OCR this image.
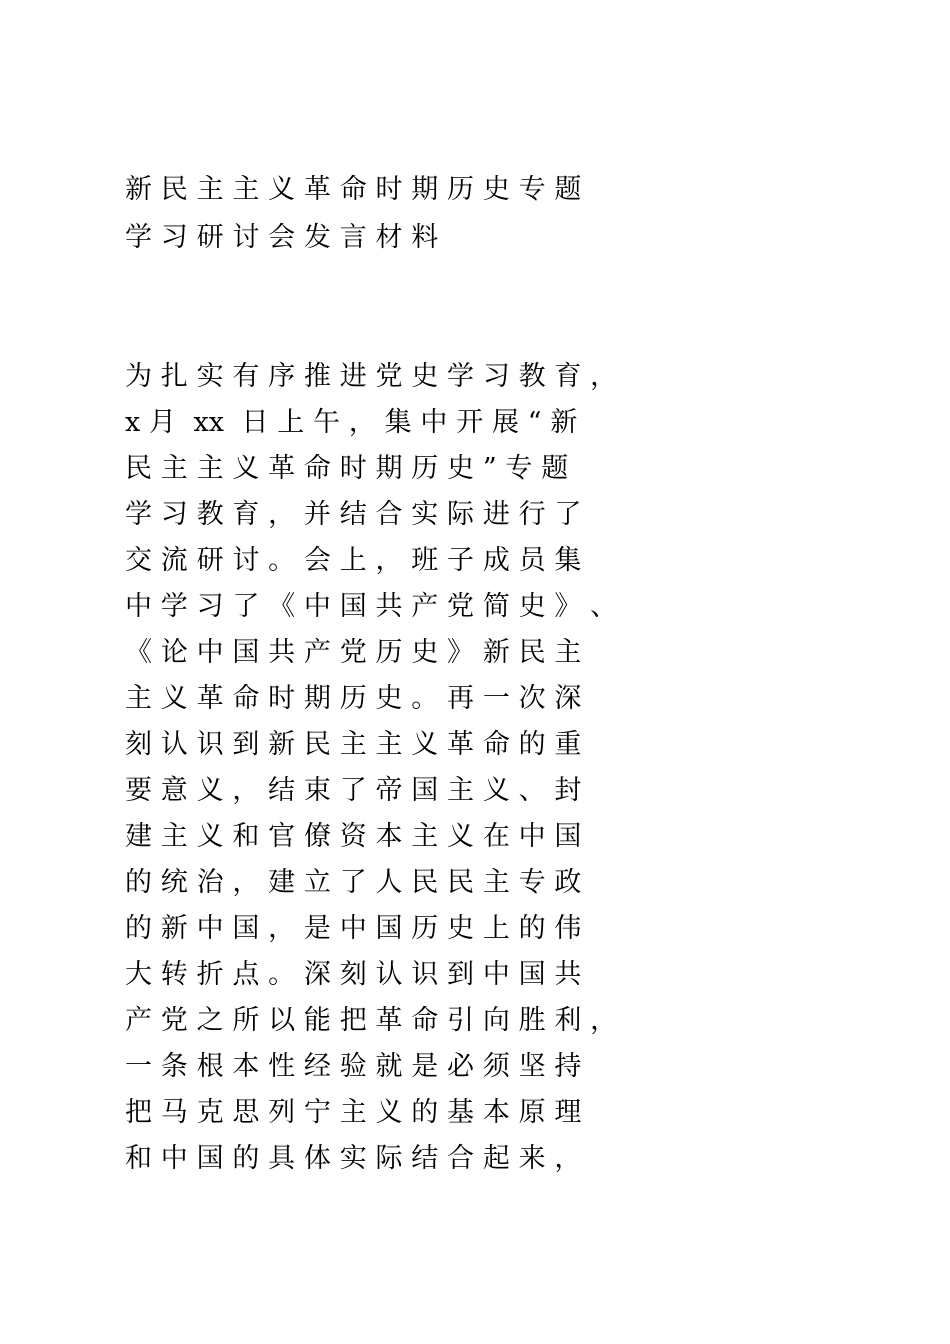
新 民 主 主 义 革 命 时 期 历 史 专 题
学 习 研 讨 会 发 言 材 料
为 扎 实 有 序 推 进 党 史 学 习 教 育 ，
x 月  xx  日 上 午 ， 集 中 开 展 “ 新
民 主 主 义 革 命 时 期 历 史 ” 专 题
学 习 教 育 ， 并 结 合 实 际 进 行 了
交 流 研 讨 。 会 上 ， 班 子 成 员 集
中 学 习 了 《 中 国 共 产 党 简 史 》 、
《 论 中 国 共 产 党 历 史 》 新 民 主
主 义 革 命 时 期 历 史 。 再 一 次 深
刻 认 识 到 新 民 主 主 义 革 命 的 重
要 意 义 ， 结 束 了 帝 国 主 义 、 封
建 主 义 和 官 僚 资 本 主 义 在 中 国
的 统 治 ， 建 立 了 人 民 民 主 专 政
的 新 中 国 ， 是 中 国 历 史 上 的 伟
大 转 折 点 。 深 刻 认 识 到 中 国 共
产 党 之 所 以 能 把 革 命 引 向 胜 利 ，
一 条 根 本 性 经 验 就 是 必 须 坚 持
把 马 克 思 列 宁 主 义 的 基 本 原 理
和 中 国 的 具 体 实 际 结 合 起 来 ，
